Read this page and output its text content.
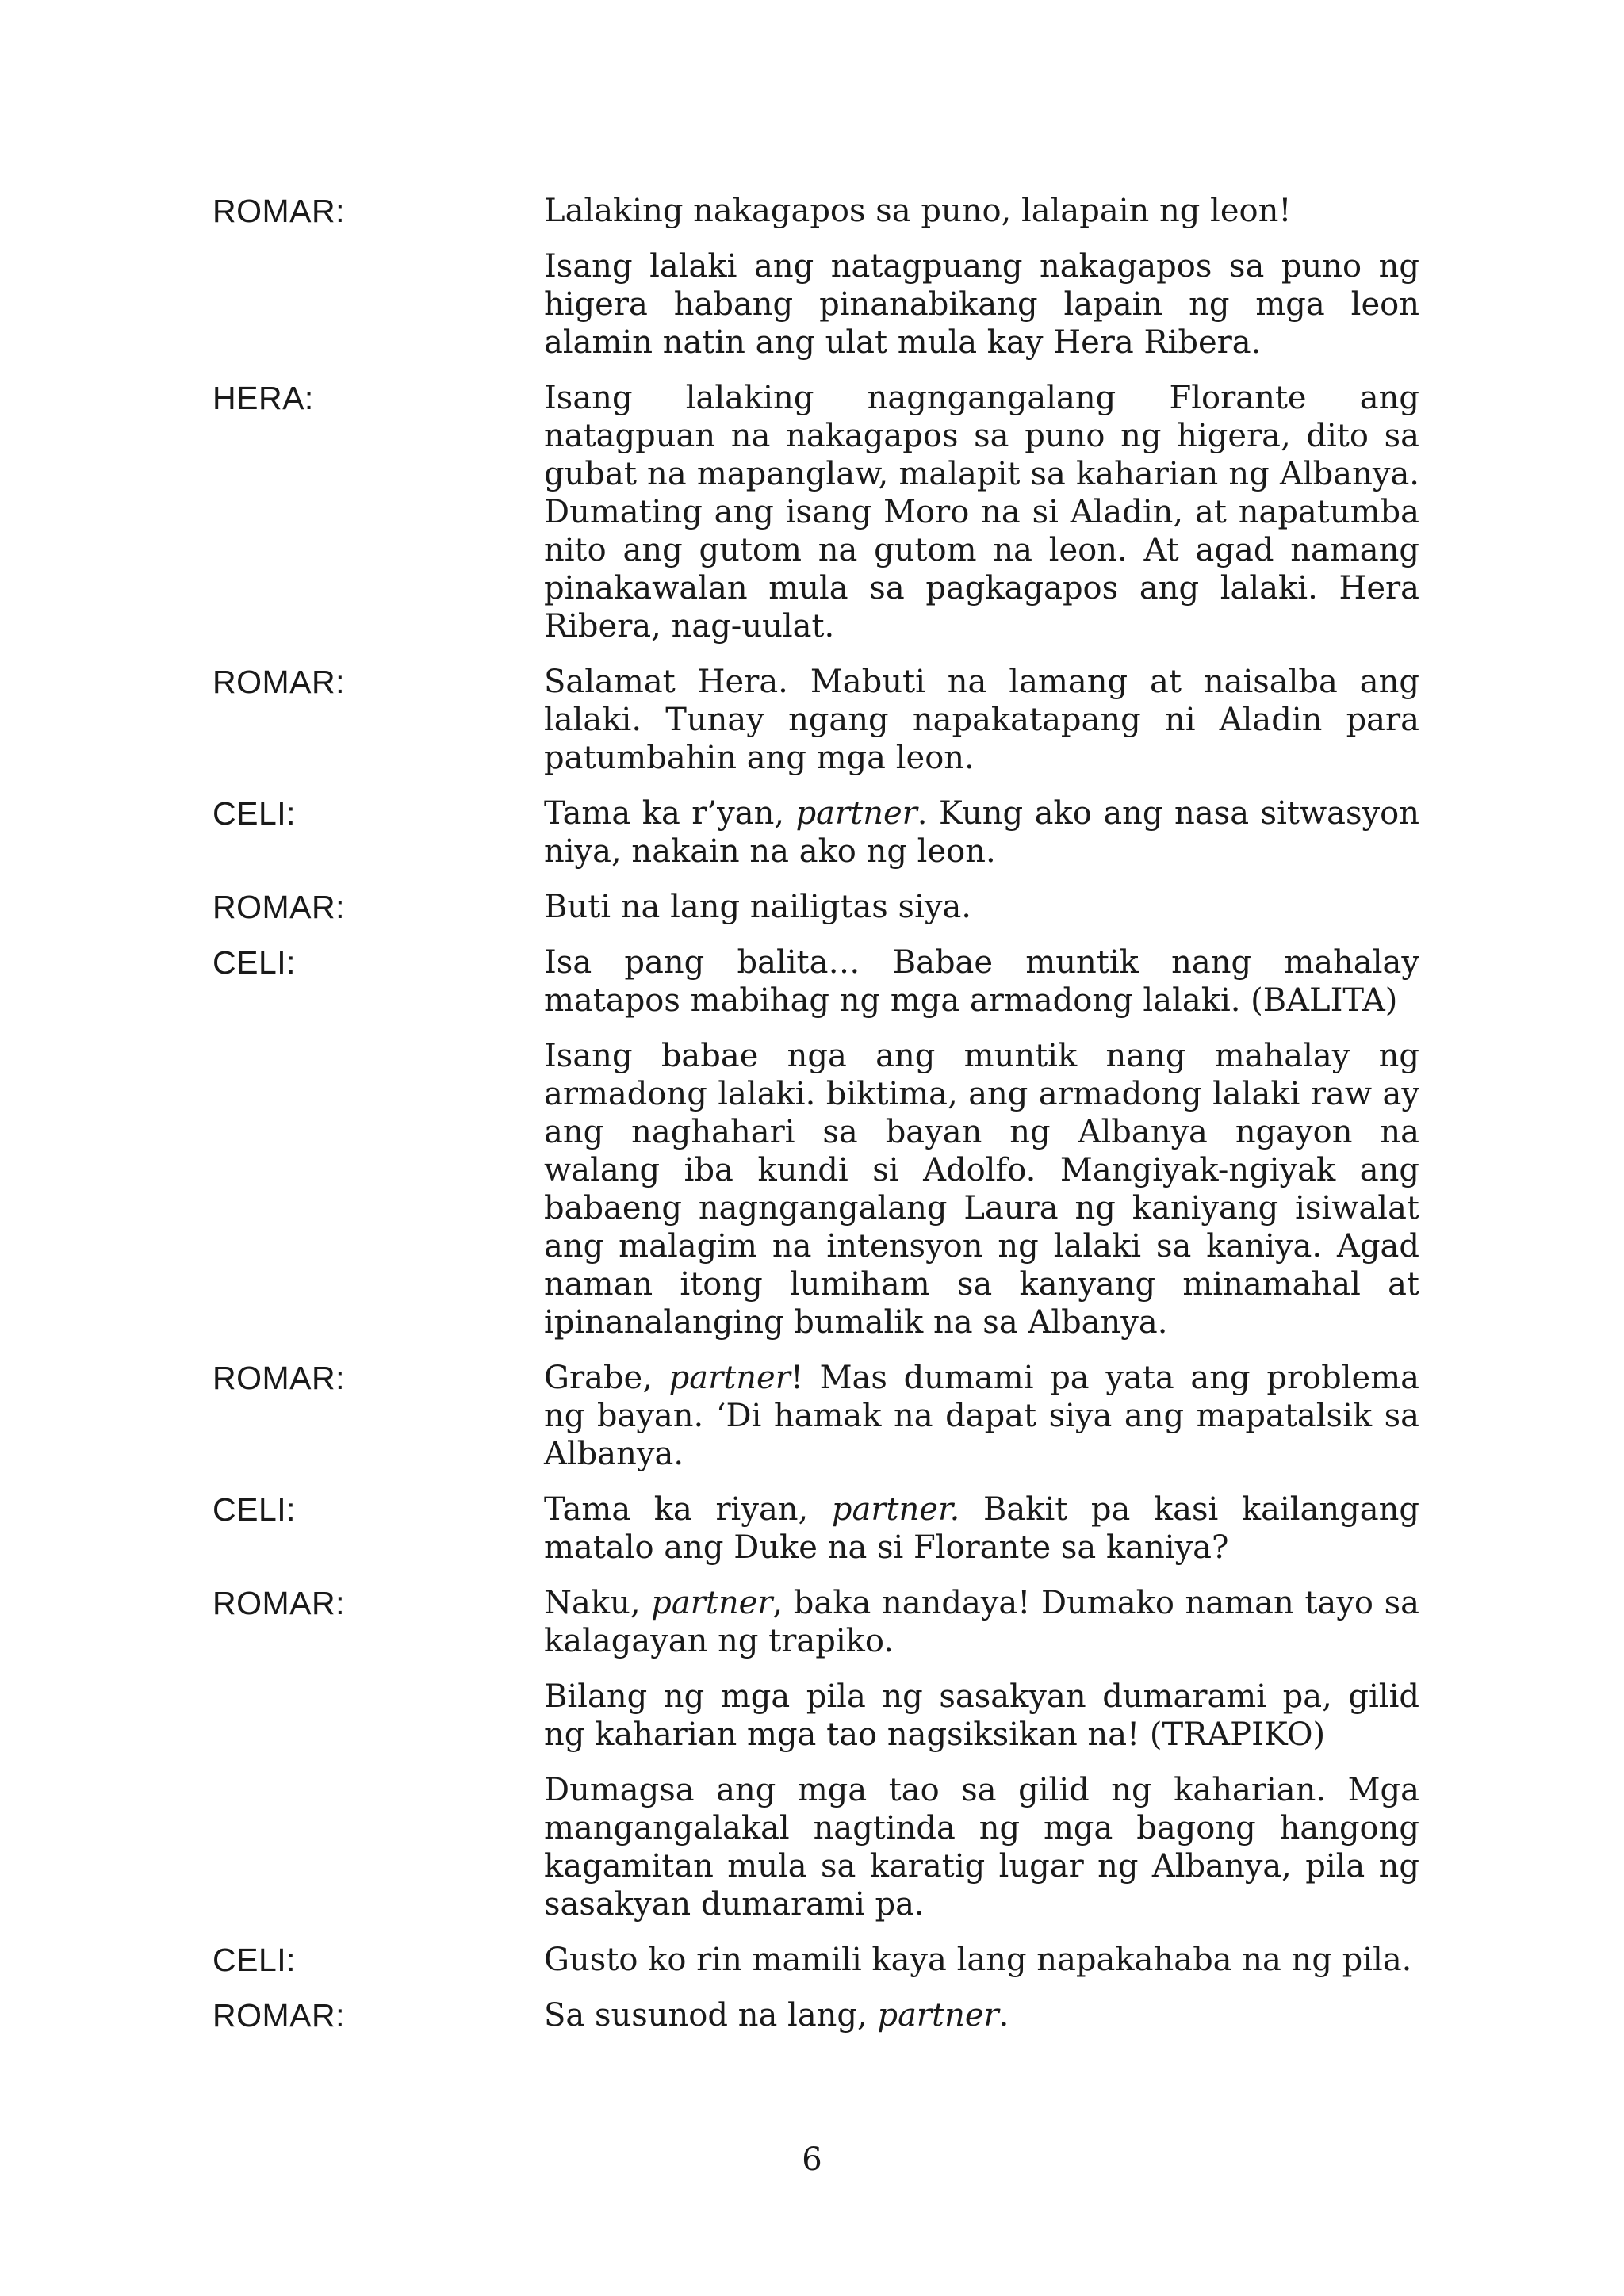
ROMAR:	Lalaking nakagapos sa puno, lalapain ng leon!

Isang lalaki ang natagpuang nakagapos sa puno ng higera habang pinanabikang lapain ng mga leon alamin natin ang ulat mula kay Hera Ribera.

HERA:	Isang lalaking nagngangalang Florante ang natagpuan na nakagapos sa puno ng higera, dito sa gubat na mapanglaw, malapit sa kaharian ng Albanya. Dumating ang isang Moro na si Aladin, at napatumba nito ang gutom na gutom na leon. At agad namang pinakawalan mula sa pagkagapos ang lalaki. Hera Ribera, nag-uulat.

ROMAR:	Salamat Hera. Mabuti na lamang at naisalba ang lalaki. Tunay ngang napakatapang ni Aladin para patumbahin ang mga leon.

CELI:	Tama ka r’yan, partner. Kung ako ang nasa sitwasyon niya, nakain na ako ng leon.

ROMAR:	Buti na lang nailigtas siya.

CELI:	Isa pang balita… Babae muntik nang mahalay matapos mabihag ng mga armadong lalaki. (BALITA)

Isang babae nga ang muntik nang mahalay ng armadong lalaki. biktima, ang armadong lalaki raw ay ang naghahari sa bayan ng Albanya ngayon na walang iba kundi si Adolfo. Mangiyak-ngiyak ang babaeng nagngangalang Laura ng kaniyang isiwalat ang malagim na intensyon ng lalaki sa kaniya. Agad naman itong lumiham sa kanyang minamahal at ipinanalanging bumalik na sa Albanya.

ROMAR:	Grabe, partner! Mas dumami pa yata ang problema ng bayan. ‘Di hamak na dapat siya ang mapatalsik sa Albanya.

CELI:	Tama ka riyan, partner. Bakit pa kasi kailangang matalo ang Duke na si Florante sa kaniya?

ROMAR:	Naku, partner, baka nandaya! Dumako naman tayo sa kalagayan ng trapiko.

Bilang ng mga pila ng sasakyan dumarami pa, gilid ng kaharian mga tao nagsiksikan na! (TRAPIKO)

Dumagsa ang mga tao sa gilid ng kaharian. Mga mangangalakal nagtinda ng mga bagong hangong kagamitan mula sa karatig lugar ng Albanya, pila ng sasakyan dumarami pa.

CELI:	Gusto ko rin mamili kaya lang napakahaba na ng pila.

ROMAR:	Sa susunod na lang, partner.

6
